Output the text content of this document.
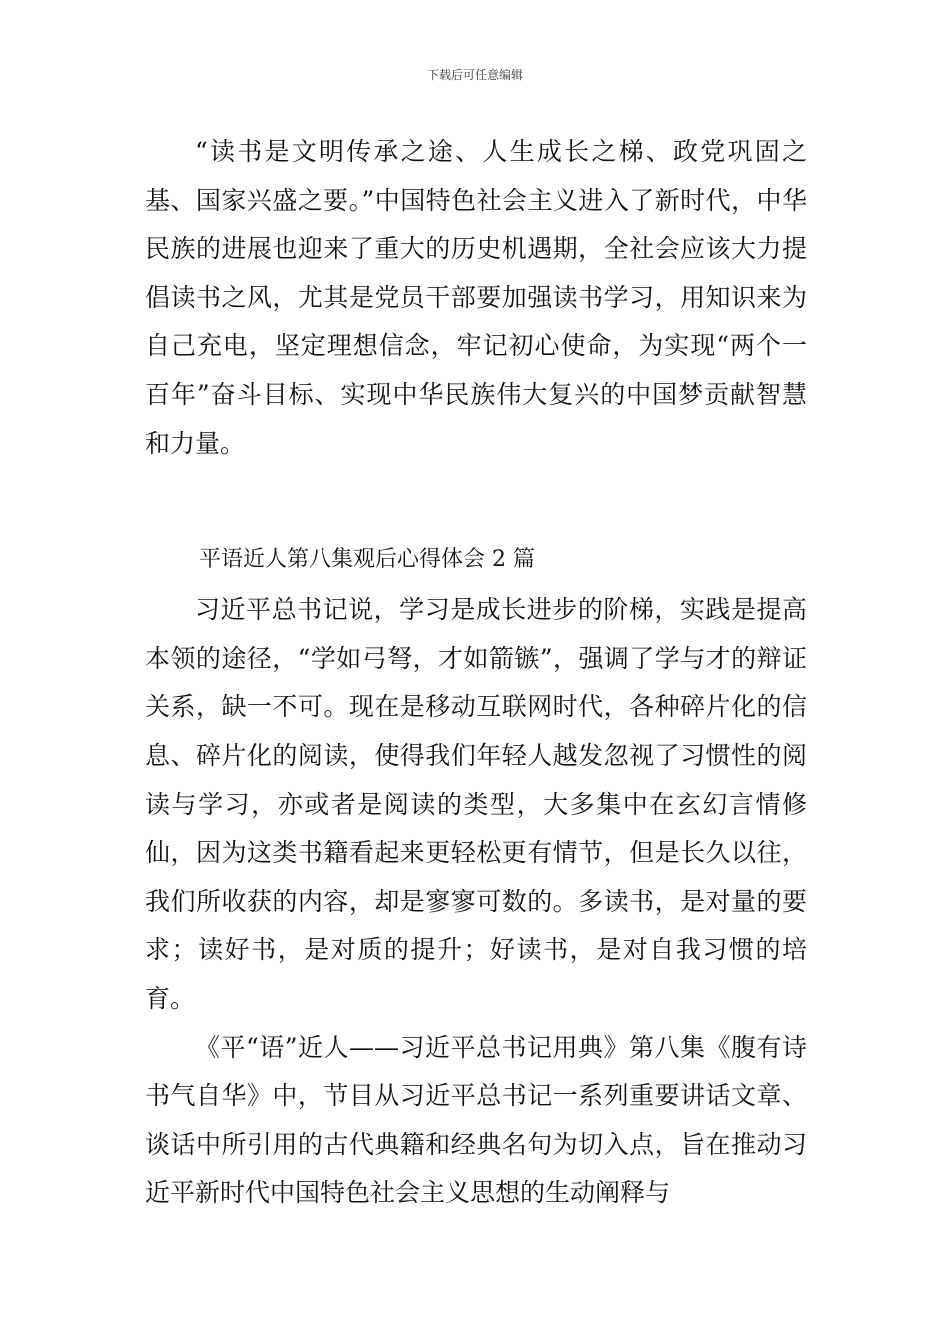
下载后可任意编辑

“读书是文明传承之途、人生成长之梯、政党巩固之基、国家兴盛之要。”中国特色社会主义进入了新时代，中华民族的进展也迎来了重大的历史机遇期，全社会应该大力提倡读书之风，尤其是党员干部要加强读书学习，用知识来为自己充电，坚定理想信念，牢记初心使命，为实现“两个一百年”奋斗目标、实现中华民族伟大复兴的中国梦贡献智慧和力量。

平语近人第八集观后心得体会 2 篇

习近平总书记说，学习是成长进步的阶梯，实践是提高本领的途径，“学如弓弩，才如箭镞”，强调了学与才的辩证关系，缺一不可。现在是移动互联网时代，各种碎片化的信息、碎片化的阅读，使得我们年轻人越发忽视了习惯性的阅读与学习，亦或者是阅读的类型，大多集中在玄幻言情修仙，因为这类书籍看起来更轻松更有情节，但是长久以往，我们所收获的内容，却是寥寥可数的。多读书，是对量的要求；读好书，是对质的提升；好读书，是对自我习惯的培育。

《平“语”近人——习近平总书记用典》第八集《腹有诗书气自华》中，节目从习近平总书记一系列重要讲话文章、谈话中所引用的古代典籍和经典名句为切入点，旨在推动习近平新时代中国特色社会主义思想的生动阐释与
